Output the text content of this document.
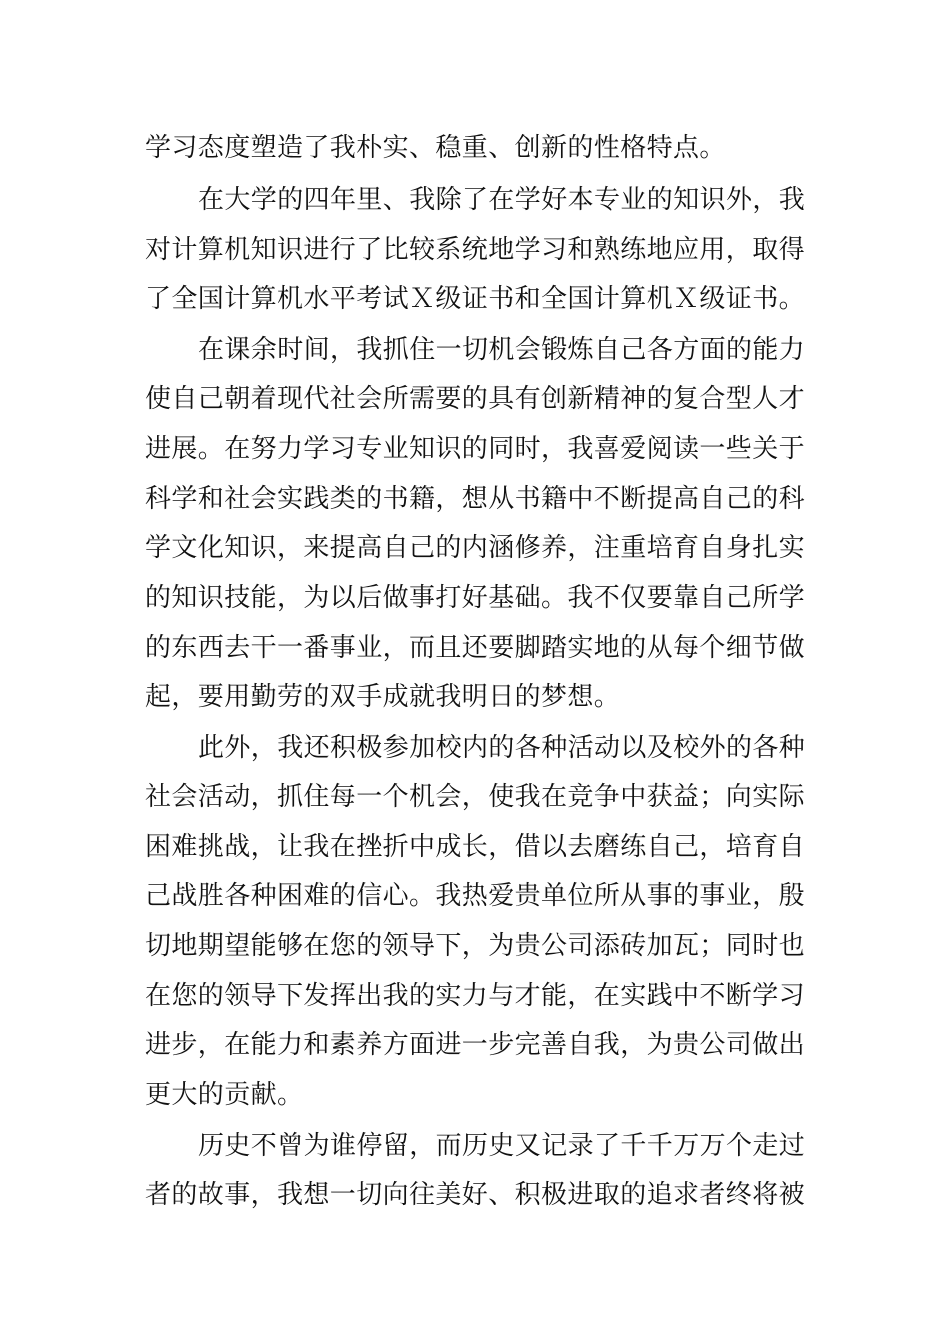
学习态度塑造了我朴实、稳重、创新的性格特点。
在大学的四年里、我除了在学好本专业的知识外，我
对计算机知识进行了比较系统地学习和熟练地应用，取得
了全国计算机水平考试Ｘ级证书和全国计算机Ｘ级证书。
在课余时间，我抓住一切机会锻炼自己各方面的能力
使自己朝着现代社会所需要的具有创新精神的复合型人才
进展。在努力学习专业知识的同时，我喜爱阅读一些关于
科学和社会实践类的书籍，想从书籍中不断提高自己的科
学文化知识，来提高自己的内涵修养，注重培育自身扎实
的知识技能，为以后做事打好基础。我不仅要靠自己所学
的东西去干一番事业，而且还要脚踏实地的从每个细节做
起，要用勤劳的双手成就我明日的梦想。
此外，我还积极参加校内的各种活动以及校外的各种
社会活动，抓住每一个机会，使我在竞争中获益；向实际
困难挑战，让我在挫折中成长，借以去磨练自己，培育自
己战胜各种困难的信心。我热爱贵单位所从事的事业，殷
切地期望能够在您的领导下，为贵公司添砖加瓦；同时也
在您的领导下发挥出我的实力与才能，在实践中不断学习
进步，在能力和素养方面进一步完善自我，为贵公司做出
更大的贡献。
历史不曾为谁停留，而历史又记录了千千万万个走过
者的故事，我想一切向往美好、积极进取的追求者终将被
